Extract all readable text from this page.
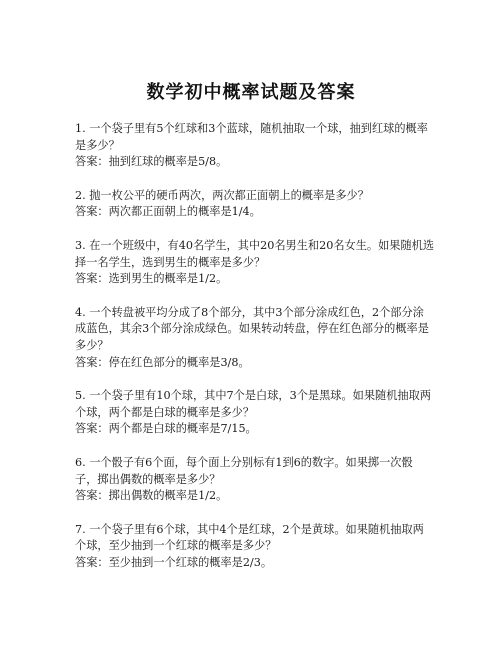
数学初中概率试题及答案

1. 一个袋子里有5个红球和3个蓝球，随机抽取一个球，抽到红球的概率是多少？

答案：抽到红球的概率是5/8。

2. 抛一枚公平的硬币两次，两次都正面朝上的概率是多少？

答案：两次都正面朝上的概率是1/4。

3. 在一个班级中，有40名学生，其中20名男生和20名女生。如果随机选择一名学生，选到男生的概率是多少？

答案：选到男生的概率是1/2。

4. 一个转盘被平均分成了8个部分，其中3个部分涂成红色，2个部分涂成蓝色，其余3个部分涂成绿色。如果转动转盘，停在红色部分的概率是多少？

答案：停在红色部分的概率是3/8。

5. 一个袋子里有10个球，其中7个是白球，3个是黑球。如果随机抽取两个球，两个都是白球的概率是多少？

答案：两个都是白球的概率是7/15。

6. 一个骰子有6个面，每个面上分别标有1到6的数字。如果掷一次骰子，掷出偶数的概率是多少？

答案：掷出偶数的概率是1/2。

7. 一个袋子里有6个球，其中4个是红球，2个是黄球。如果随机抽取两个球，至少抽到一个红球的概率是多少？

答案：至少抽到一个红球的概率是2/3。
